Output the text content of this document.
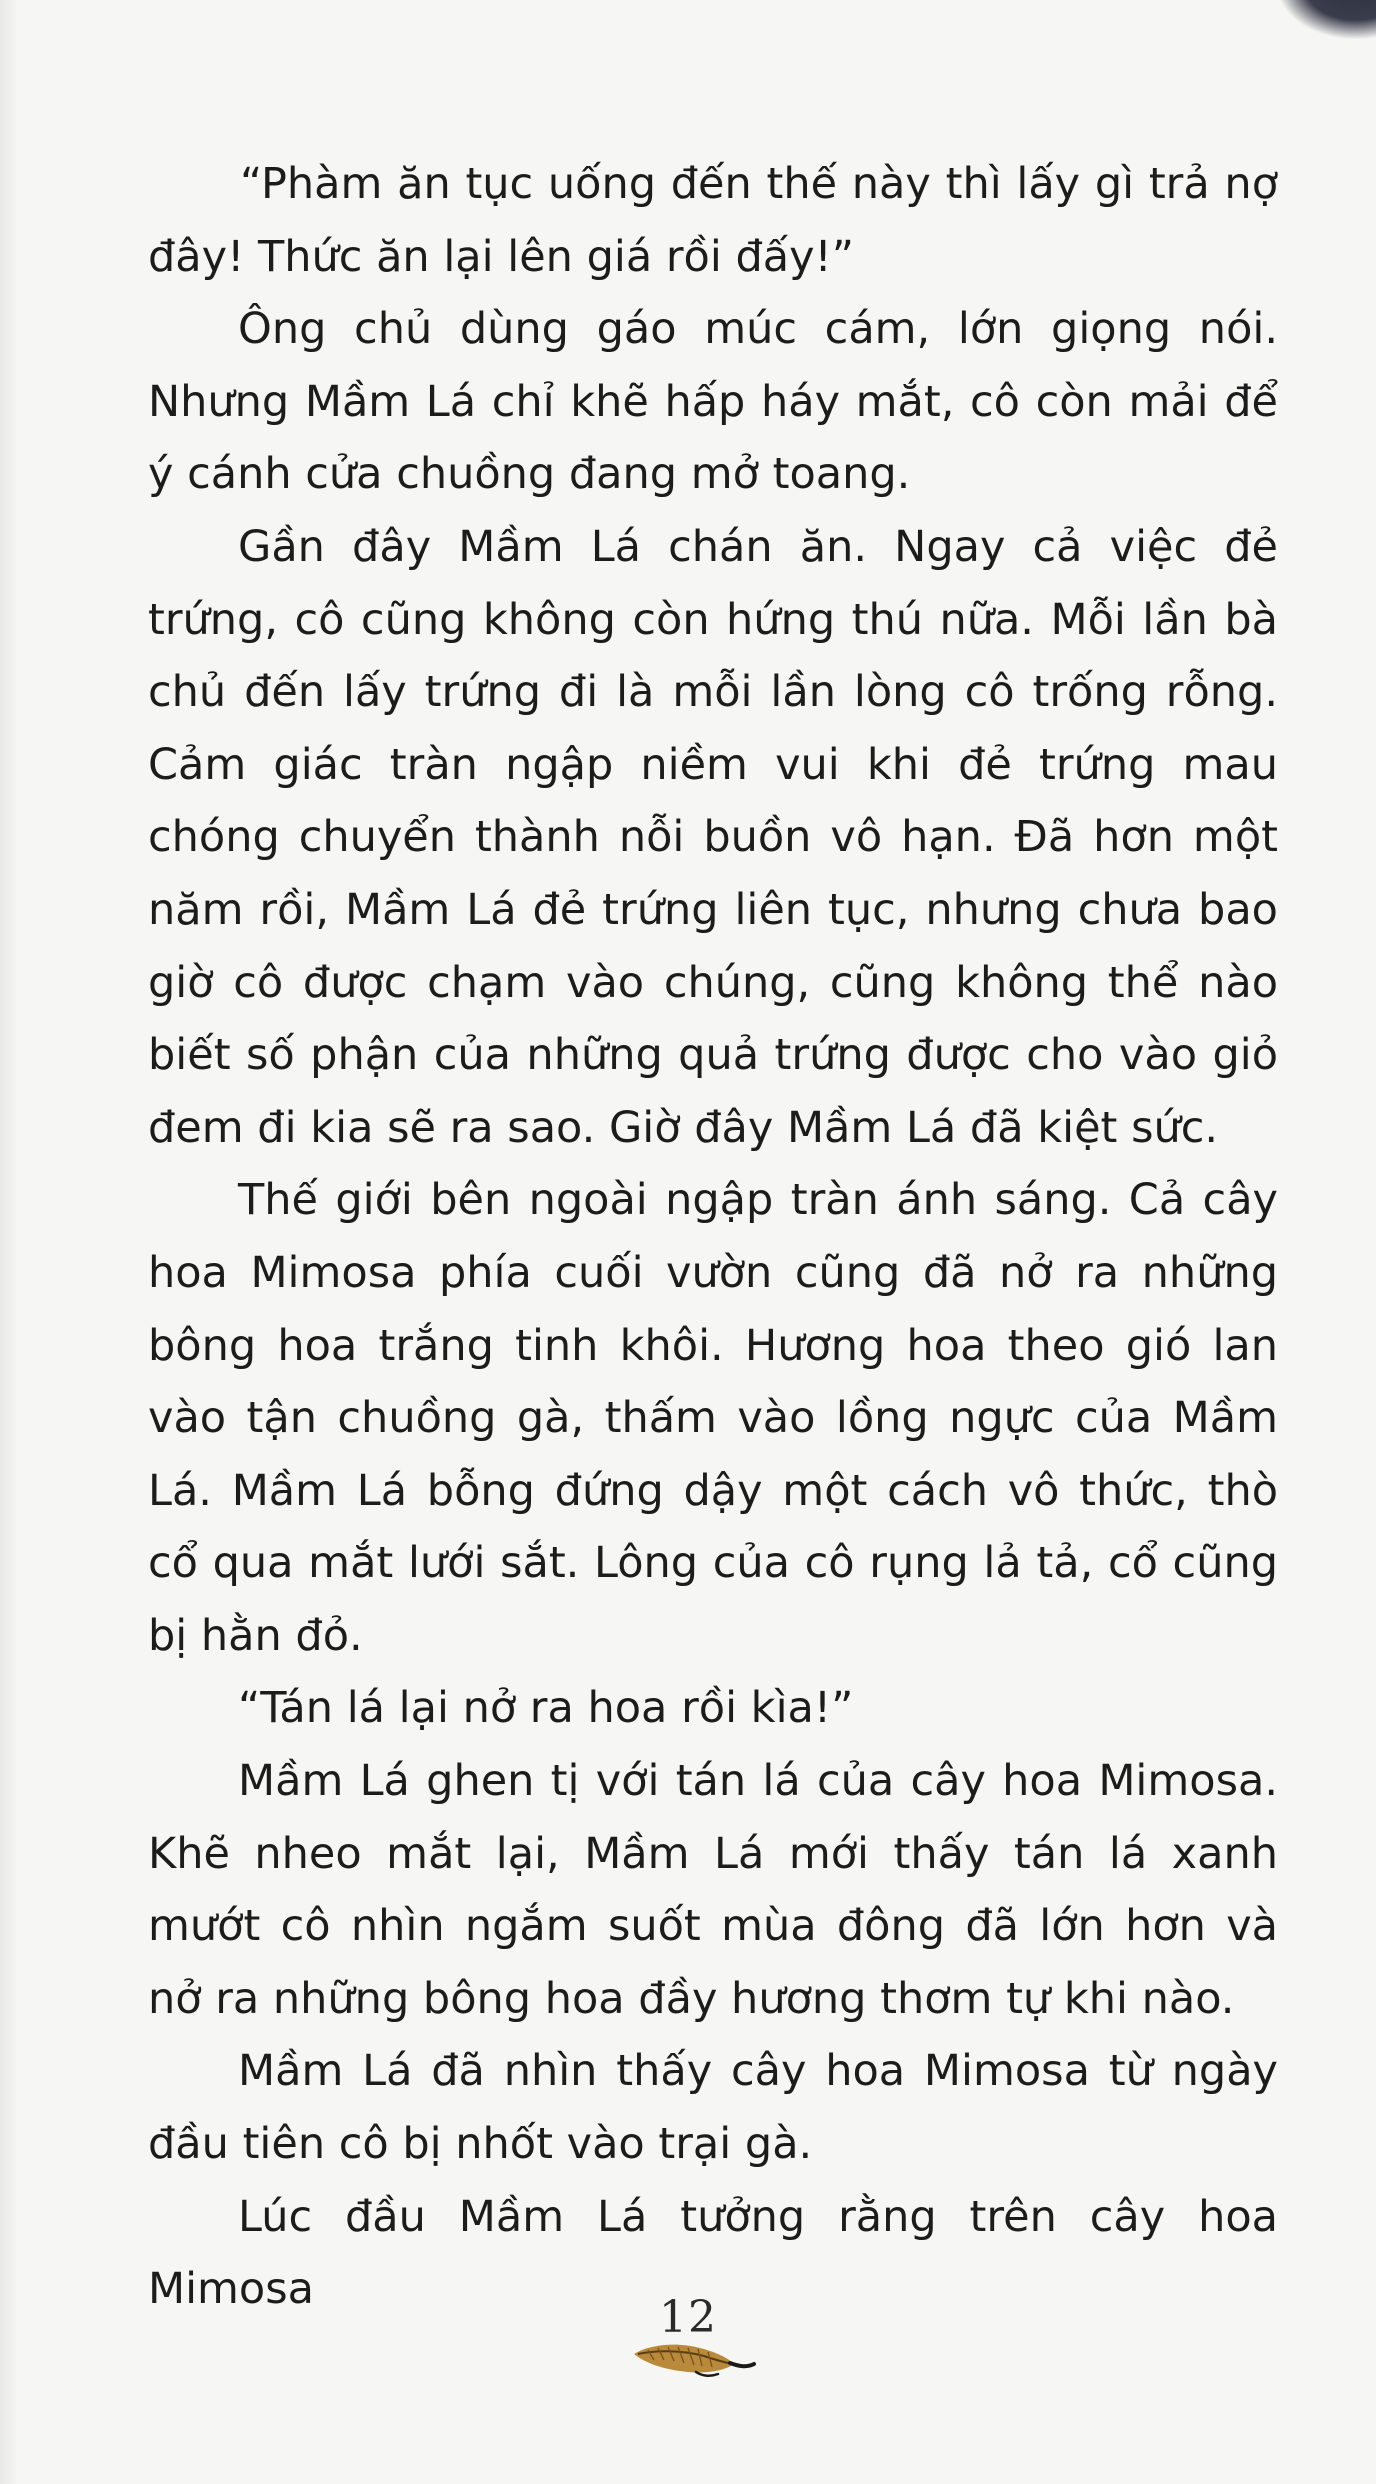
“Phàm ăn tục uống đến thế này thì lấy gì trả nợ đây! Thức ăn lại lên giá rồi đấy!”

Ông chủ dùng gáo múc cám, lớn giọng nói. Nhưng Mầm Lá chỉ khẽ hấp háy mắt, cô còn mải để ý cánh cửa chuồng đang mở toang.

Gần đây Mầm Lá chán ăn. Ngay cả việc đẻ trứng, cô cũng không còn hứng thú nữa. Mỗi lần bà chủ đến lấy trứng đi là mỗi lần lòng cô trống rỗng. Cảm giác tràn ngập niềm vui khi đẻ trứng mau chóng chuyển thành nỗi buồn vô hạn. Đã hơn một năm rồi, Mầm Lá đẻ trứng liên tục, nhưng chưa bao giờ cô được chạm vào chúng, cũng không thể nào biết số phận của những quả trứng được cho vào giỏ đem đi kia sẽ ra sao. Giờ đây Mầm Lá đã kiệt sức.

Thế giới bên ngoài ngập tràn ánh sáng. Cả cây hoa Mimosa phía cuối vườn cũng đã nở ra những bông hoa trắng tinh khôi. Hương hoa theo gió lan vào tận chuồng gà, thấm vào lồng ngực của Mầm Lá. Mầm Lá bỗng đứng dậy một cách vô thức, thò cổ qua mắt lưới sắt. Lông của cô rụng lả tả, cổ cũng bị hằn đỏ.

“Tán lá lại nở ra hoa rồi kìa!”

Mầm Lá ghen tị với tán lá của cây hoa Mimosa. Khẽ nheo mắt lại, Mầm Lá mới thấy tán lá xanh mướt cô nhìn ngắm suốt mùa đông đã lớn hơn và nở ra những bông hoa đầy hương thơm tự khi nào.

Mầm Lá đã nhìn thấy cây hoa Mimosa từ ngày đầu tiên cô bị nhốt vào trại gà.

Lúc đầu Mầm Lá tưởng rằng trên cây hoa Mimosa

12
